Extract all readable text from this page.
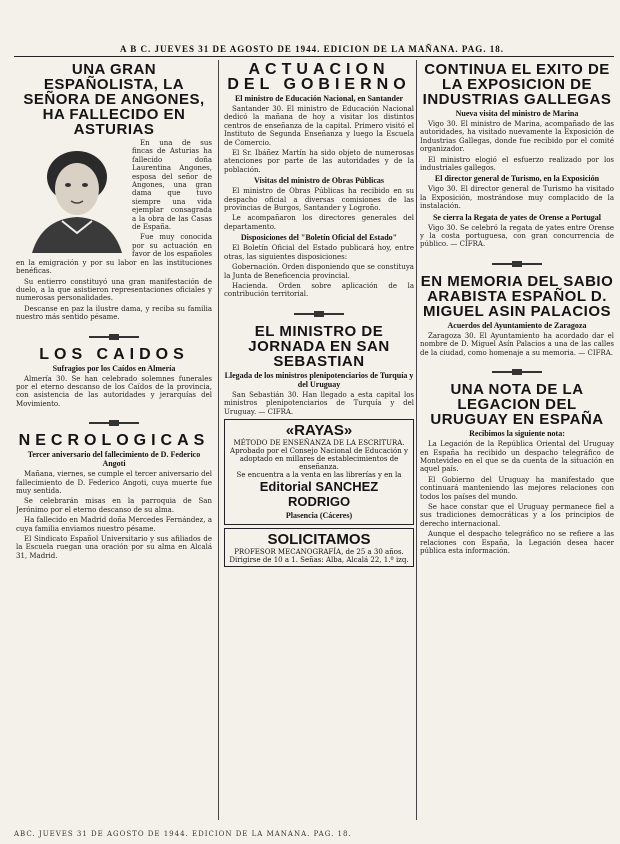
A B C. JUEVES 31 DE AGOSTO DE 1944. EDICION DE LA MAÑANA. PAG. 18.
UNA GRAN ESPAÑOLISTA, LA SEÑORA DE ANGONES, HA FALLECIDO EN ASTURIAS

En una de sus fincas de Asturias ha fallecido doña Laurentina Angones, esposa del señor de Angones, una gran dama que tuvo siempre una vida ejemplar consagrada a la obra de las Casas de España.

Fue muy conocida por su actuación en favor de los españoles en la emigración y por su labor en las instituciones benéficas.

Su entierro constituyó una gran manifestación de duelo, a la que asistieron representaciones oficiales y numerosas personalidades.

Descanse en paz la ilustre dama, y reciba su familia nuestro más sentido pésame.

LOS CAIDOS
Sufragios por los Caídos en Almería

Almería 30. Se han celebrado solemnes funerales por el eterno descanso de los Caídos de la provincia, con asistencia de las autoridades y jerarquías del Movimiento.

NECROLOGICAS
Tercer aniversario del fallecimiento de D. Federico Angoti

Mañana, viernes, se cumple el tercer aniversario del fallecimiento de D. Federico Angoti, cuya muerte fue muy sentida.

Se celebrarán misas en la parroquia de San Jerónimo por el eterno descanso de su alma.

Ha fallecido en Madrid doña Mercedes Fernández, a cuya familia enviamos nuestro pésame.

El Sindicato Español Universitario y sus afiliados de la Escuela ruegan una oración por su alma en Alcalá 31, Madrid.

ACTUACION DEL GOBIERNO
El ministro de Educación Nacional, en Santander

Santander 30. El ministro de Educación Nacional dedicó la mañana de hoy a visitar los distintos centros de enseñanza de la capital. Primero visitó el Instituto de Segunda Enseñanza y luego la Escuela de Comercio.

El Sr. Ibáñez Martín ha sido objeto de numerosas atenciones por parte de las autoridades y de la población.

Visitas del ministro de Obras Públicas

El ministro de Obras Públicas ha recibido en su despacho oficial a diversas comisiones de las provincias de Burgos, Santander y Logroño.

Le acompañaron los directores generales del departamento.

Disposiciones del "Boletín Oficial del Estado"

El Boletín Oficial del Estado publicará hoy, entre otras, las siguientes disposiciones:

Gobernación. Orden disponiendo que se constituya la Junta de Beneficencia provincial.

Hacienda. Orden sobre aplicación de la contribución territorial.

EL MINISTRO DE JORNADA EN SAN SEBASTIAN
Llegada de los ministros plenipotenciarios de Turquía y del Uruguay

San Sebastián 30. Han llegado a esta capital los ministros plenipotenciarios de Turquía y del Uruguay. — CIFRA.

«RAYAS»
MÉTODO DE ENSEÑANZA DE LA ESCRITURA. Aprobado por el Consejo Nacional de Educación y adoptado en millares de establecimientos de enseñanza.
Se encuentra a la venta en las librerías y en la
Editorial SANCHEZ RODRIGO
Plasencia (Cáceres)
SOLICITAMOS
PROFESOR MECANOGRAFÍA, de 25 a 30 años. Dirigirse de 10 a 1. Señas: Alba, Alcalá 22, 1.º izq.
CONTINUA EL EXITO DE LA EXPOSICION DE INDUSTRIAS GALLEGAS
Nueva visita del ministro de Marina

Vigo 30. El ministro de Marina, acompañado de las autoridades, ha visitado nuevamente la Exposición de Industrias Gallegas, donde fue recibido por el comité organizador.

El ministro elogió el esfuerzo realizado por los industriales gallegos.

El director general de Turismo, en la Exposición

Vigo 30. El director general de Turismo ha visitado la Exposición, mostrándose muy complacido de la instalación.

Se cierra la Regata de yates de Orense a Portugal

Vigo 30. Se celebró la regata de yates entre Orense y la costa portuguesa, con gran concurrencia de público. — CIFRA.

EN MEMORIA DEL SABIO ARABISTA ESPAÑOL D. MIGUEL ASIN PALACIOS
Acuerdos del Ayuntamiento de Zaragoza

Zaragoza 30. El Ayuntamiento ha acordado dar el nombre de D. Miguel Asín Palacios a una de las calles de la ciudad, como homenaje a su memoria. — CIFRA.

UNA NOTA DE LA LEGACION DEL URUGUAY EN ESPAÑA
Recibimos la siguiente nota:

La Legación de la República Oriental del Uruguay en España ha recibido un despacho telegráfico de Montevideo en el que se da cuenta de la situación en aquel país.

El Gobierno del Uruguay ha manifestado que continuará manteniendo las mejores relaciones con todos los países del mundo.

Se hace constar que el Uruguay permanece fiel a sus tradiciones democráticas y a los principios de derecho internacional.

Aunque el despacho telegráfico no se refiere a las relaciones con España, la Legación desea hacer pública esta información.

ABC. JUEVES 31 DE AGOSTO DE 1944. EDICION DE LA MAÑANA. PAG. 18.
